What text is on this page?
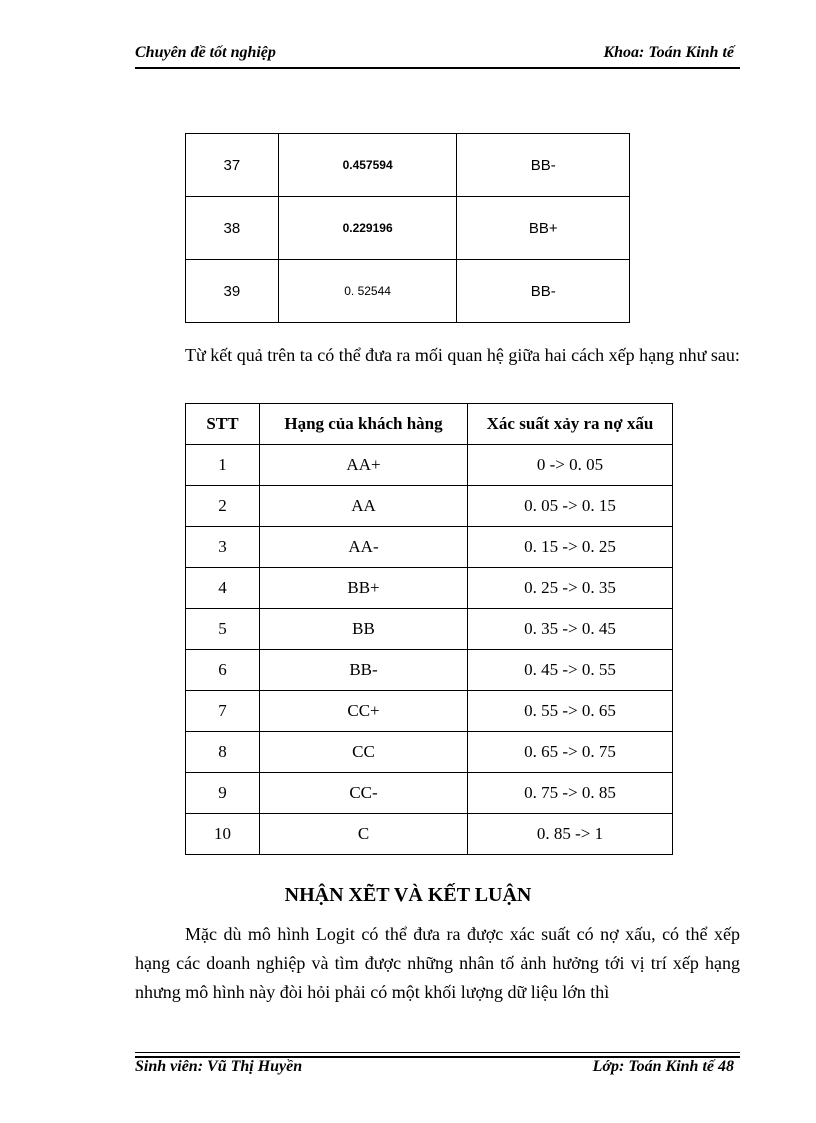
Chuyên đề tốt nghiệp	Khoa: Toán Kinh tế
37	0.457594	BB-
38	0.229196	BB+
39	0. 52544	BB-
Từ kết quả trên ta có thể đưa ra mối quan hệ giữa hai cách xếp hạng như sau:
STT	Hạng của khách hàng	Xác suất xảy ra nợ xấu
1	AA+	0 -> 0. 05
2	AA	0. 05 -> 0. 15
3	AA-	0. 15 -> 0. 25
4	BB+	0. 25 -> 0. 35
5	BB	0. 35 -> 0. 45
6	BB-	0. 45 -> 0. 55
7	CC+	0. 55 -> 0. 65
8	CC	0. 65 -> 0. 75
9	CC-	0. 75 -> 0. 85
10	C	0. 85 -> 1
NHẬN XẼT VÀ KẾT LUẬN
Mặc dù mô hình Logit có thể đưa ra được xác suất có nợ xấu, có thể xếp hạng các doanh nghiệp và tìm được những nhân tố ảnh hưởng tới vị trí xếp hạng nhưng mô hình này đòi hỏi phải có một khối lượng dữ liệu lớn thì
Sinh viên: Vũ Thị Huyền	Lớp: Toán Kinh tế 48
